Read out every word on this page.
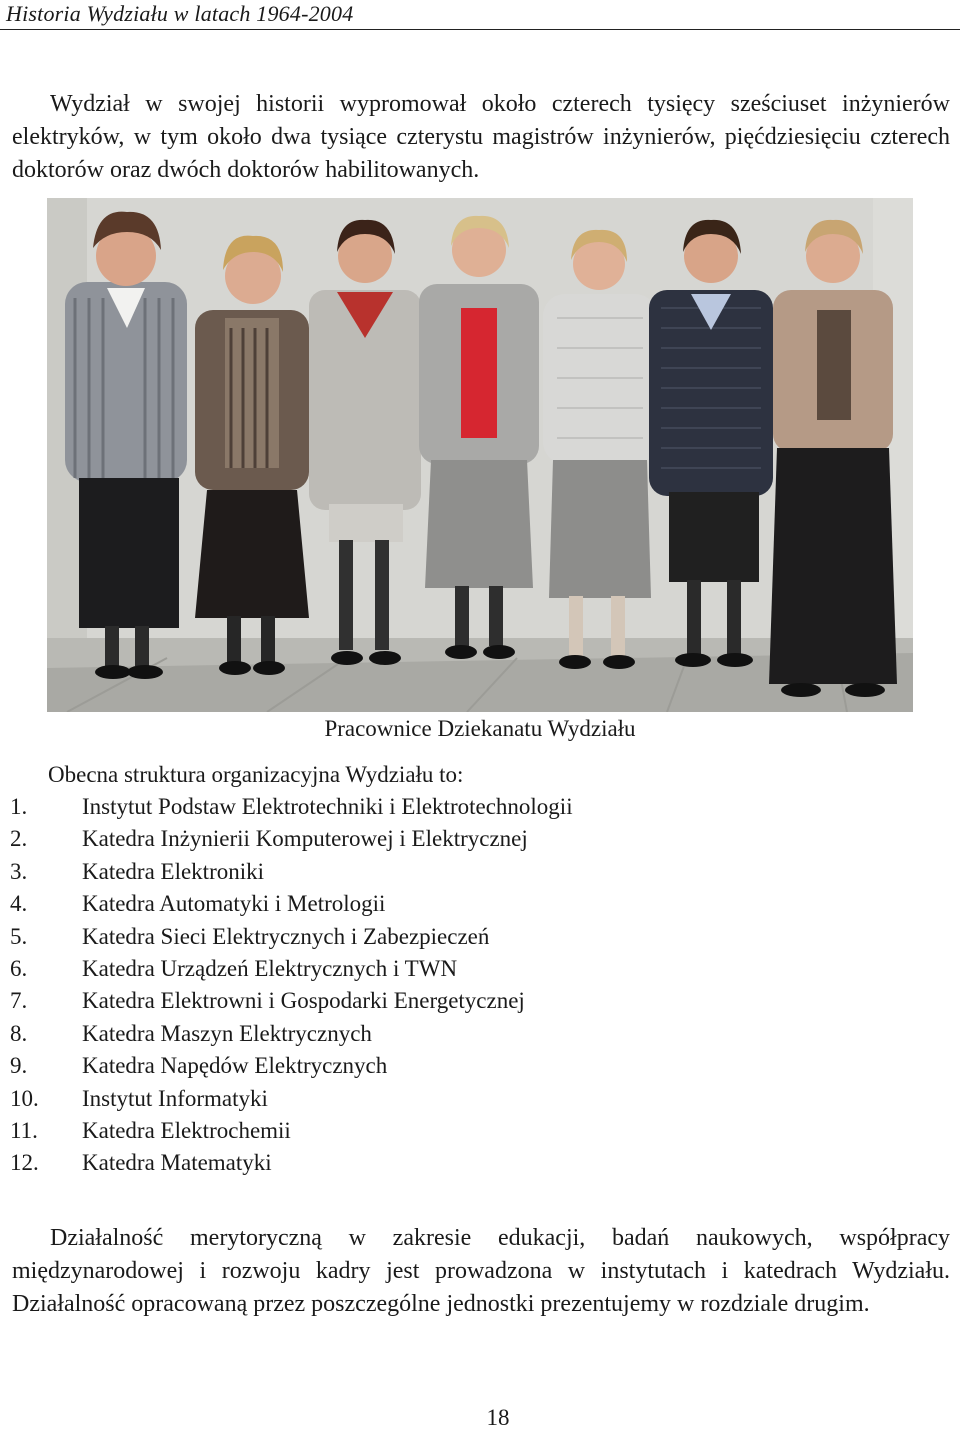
Historia Wydziału w latach 1964-2004

Wydział w swojej historii wypromował około czterech tysięcy sześciuset inżynierów elektryków, w tym około dwa tysiące czterystu magistrów inżynierów, pięćdziesięciu czterech doktorów oraz dwóch doktorów habilitowanych.

Pracownice Dziekanatu Wydziału
Obecna struktura organizacyjna Wydziału to:
1. Instytut Podstaw Elektrotechniki i Elektrotechnologii
2. Katedra Inżynierii Komputerowej i Elektrycznej
3. Katedra Elektroniki
4. Katedra Automatyki i Metrologii
5. Katedra Sieci Elektrycznych i Zabezpieczeń
6. Katedra Urządzeń Elektrycznych i TWN
7. Katedra Elektrowni i Gospodarki Energetycznej
8. Katedra Maszyn Elektrycznych
9. Katedra Napędów Elektrycznych
10. Instytut Informatyki
11. Katedra Elektrochemii
12. Katedra Matematyki

Działalność merytoryczną w zakresie edukacji, badań naukowych, współpracy międzynarodowej i rozwoju kadry jest prowadzona w instytutach i katedrach Wydziału. Działalność opracowaną przez poszczególne jednostki prezentujemy w rozdziale drugim.

18
